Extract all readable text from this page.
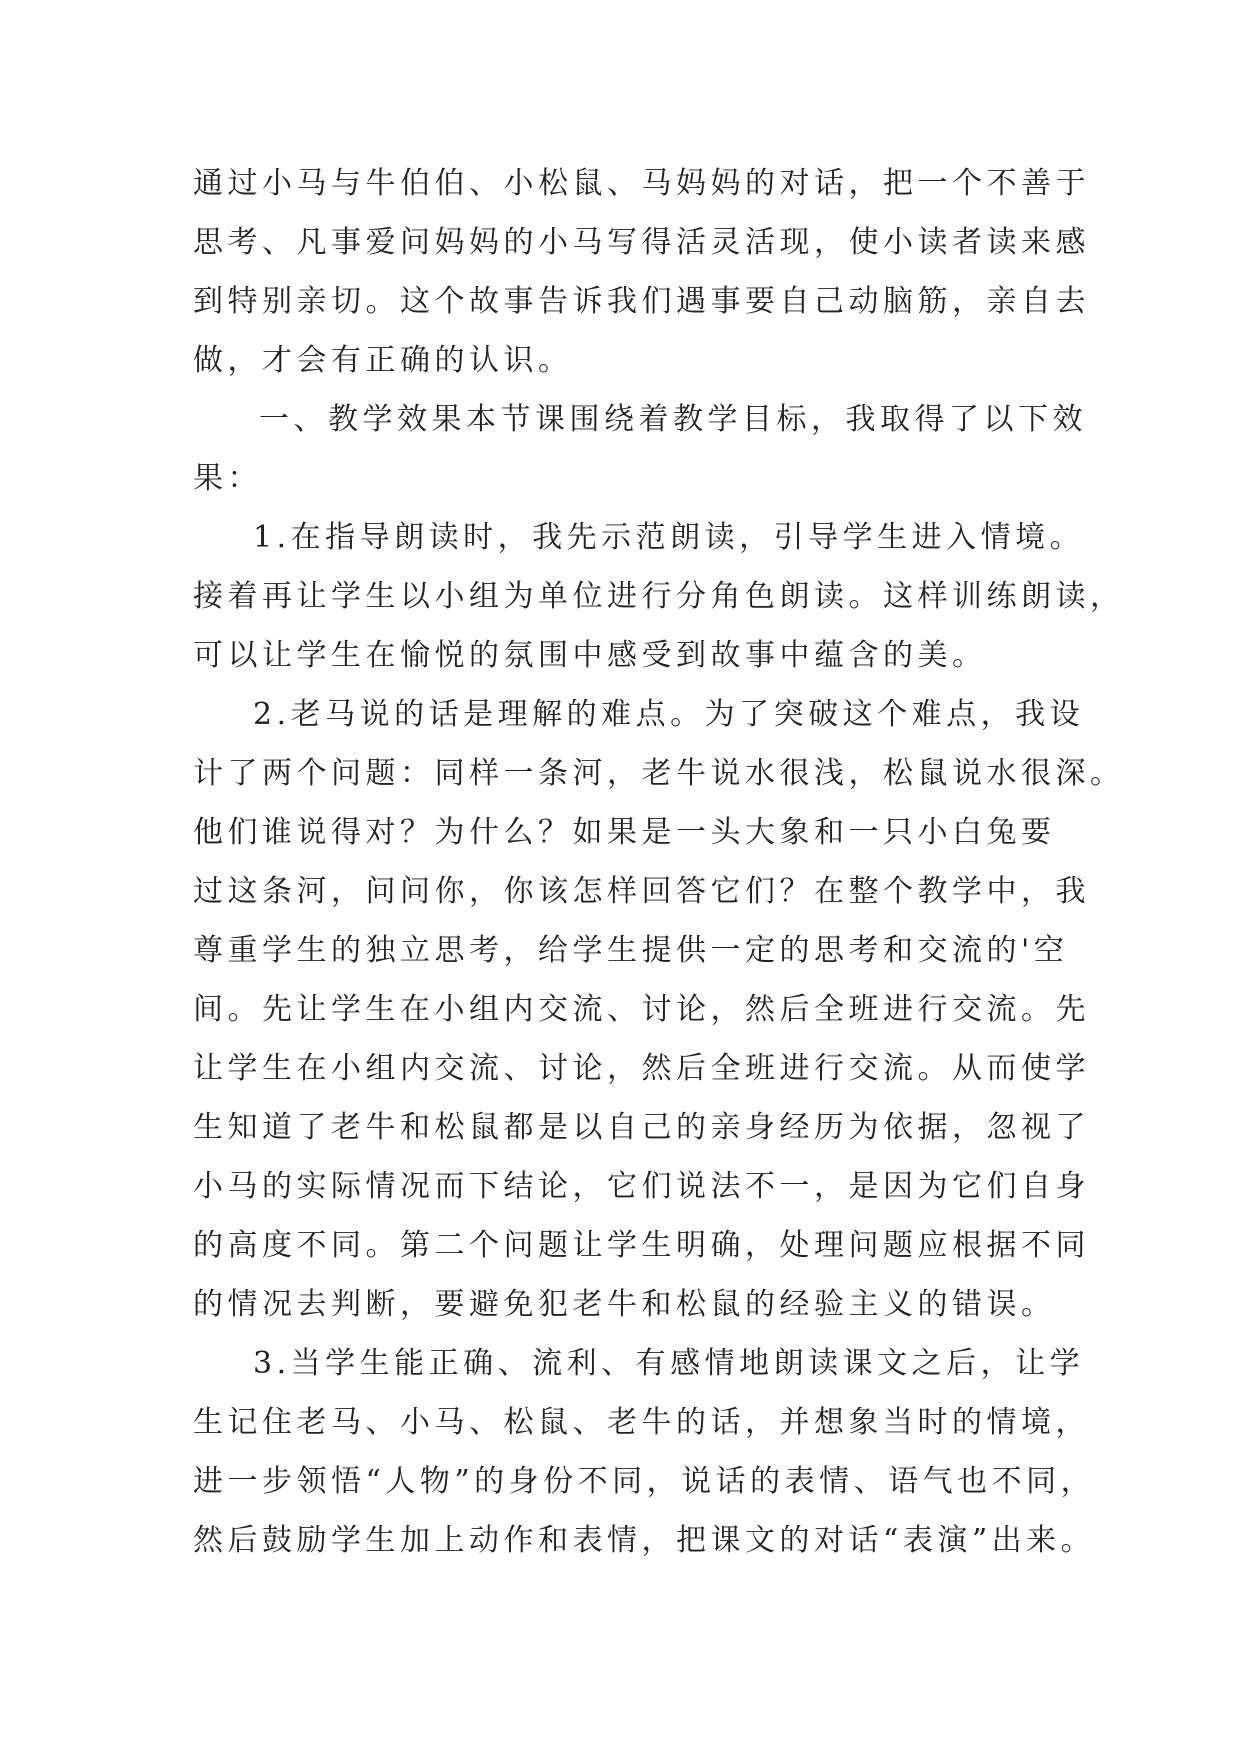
通过小马与牛伯伯、小松鼠、马妈妈的对话，把一个不善于
思考、凡事爱问妈妈的小马写得活灵活现，使小读者读来感
到特别亲切。这个故事告诉我们遇事要自己动脑筋，亲自去
做，才会有正确的认识。
一、教学效果本节课围绕着教学目标，我取得了以下效
果：
1.在指导朗读时，我先示范朗读，引导学生进入情境。
接着再让学生以小组为单位进行分角色朗读。这样训练朗读，
可以让学生在愉悦的氛围中感受到故事中蕴含的美。
2.老马说的话是理解的难点。为了突破这个难点，我设
计了两个问题：同样一条河，老牛说水很浅，松鼠说水很深。
他们谁说得对？为什么？如果是一头大象和一只小白兔要
过这条河，问问你，你该怎样回答它们？在整个教学中，我
尊重学生的独立思考，给学生提供一定的思考和交流的'空
间。先让学生在小组内交流、讨论，然后全班进行交流。先
让学生在小组内交流、讨论，然后全班进行交流。从而使学
生知道了老牛和松鼠都是以自己的亲身经历为依据，忽视了
小马的实际情况而下结论，它们说法不一，是因为它们自身
的高度不同。第二个问题让学生明确，处理问题应根据不同
的情况去判断，要避免犯老牛和松鼠的经验主义的错误。
3.当学生能正确、流利、有感情地朗读课文之后，让学
生记住老马、小马、松鼠、老牛的话，并想象当时的情境，
进一步领悟“人物”的身份不同，说话的表情、语气也不同，
然后鼓励学生加上动作和表情，把课文的对话“表演”出来。
